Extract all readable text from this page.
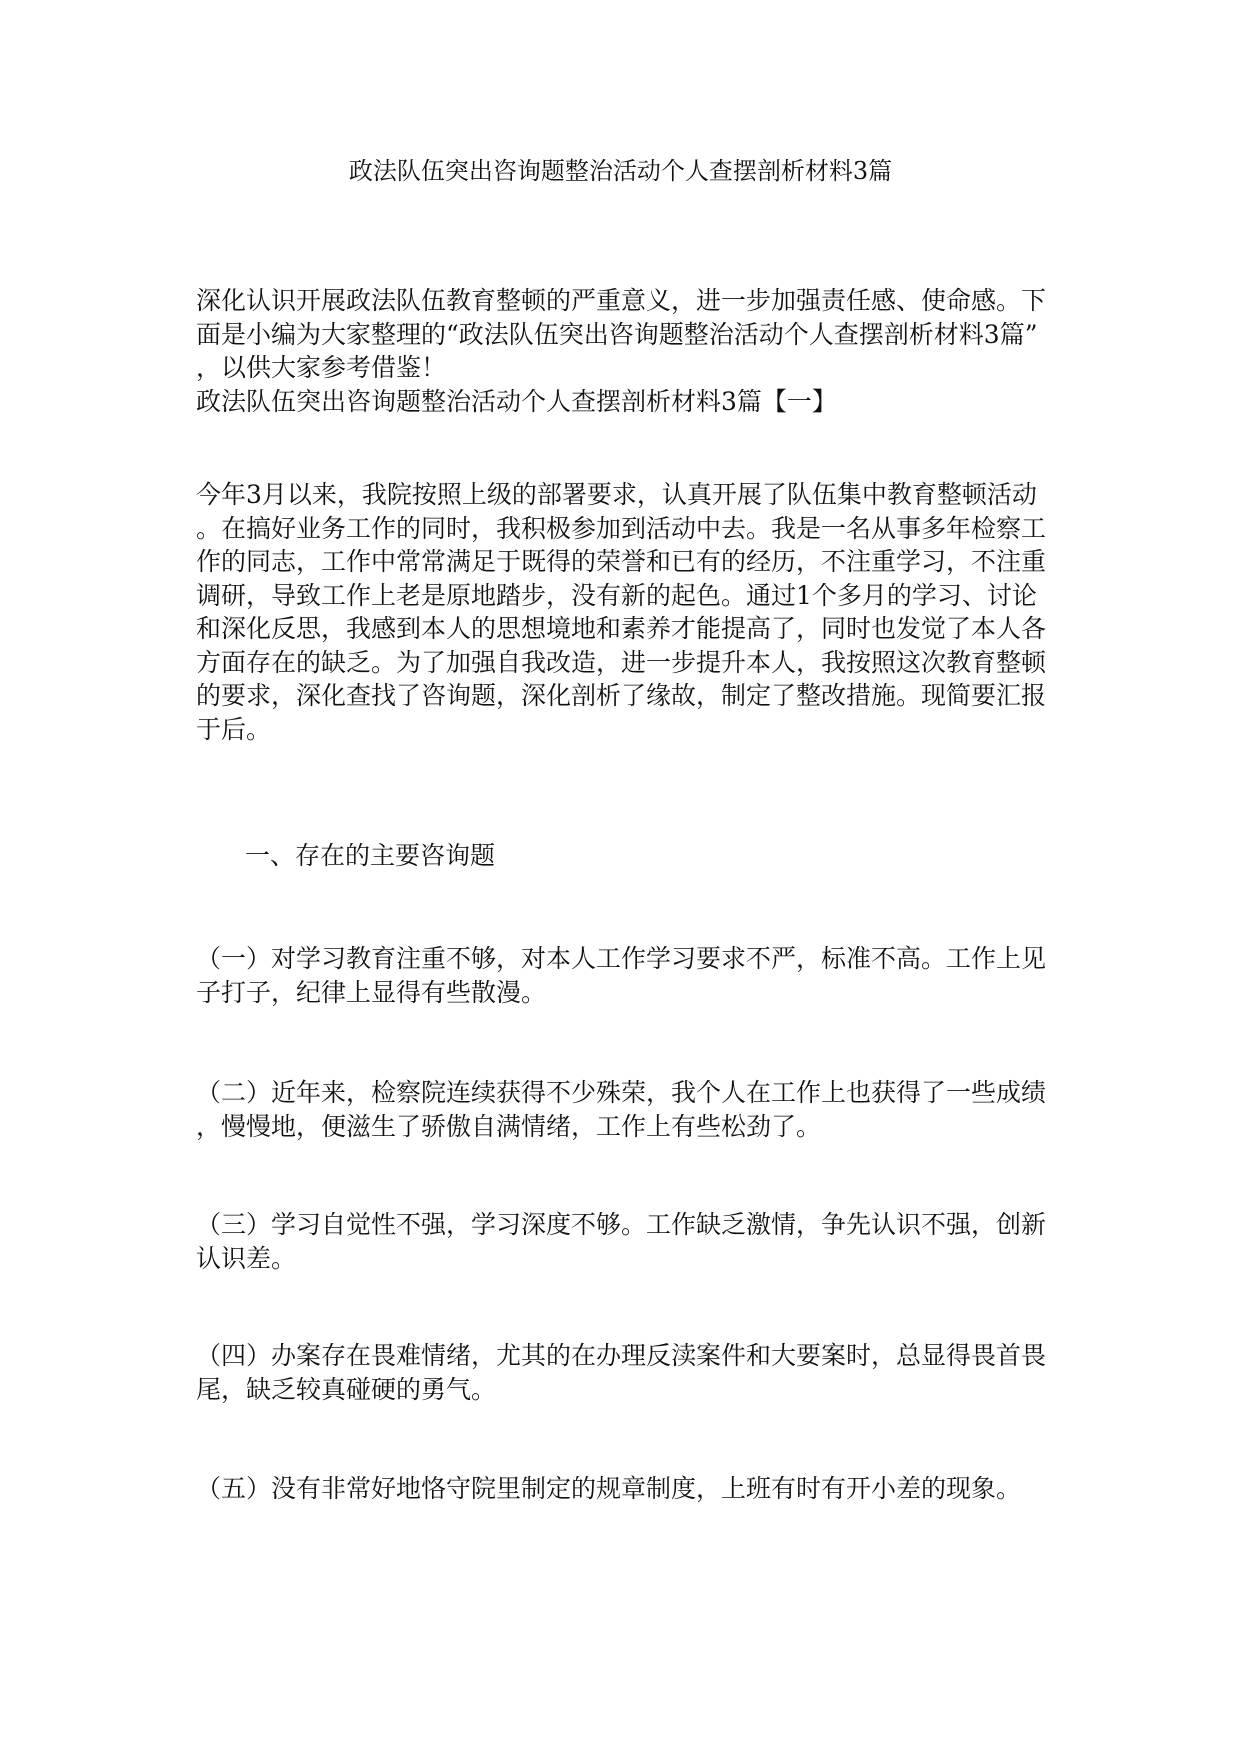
政法队伍突出咨询题整治活动个人查摆剖析材料3篇
深化认识开展政法队伍教育整顿的严重意义，进一步加强责任感、使命感。下
面是小编为大家整理的“政法队伍突出咨询题整治活动个人查摆剖析材料3篇”
，以供大家参考借鉴！
政法队伍突出咨询题整治活动个人查摆剖析材料3篇【一】
今年3月以来，我院按照上级的部署要求，认真开展了队伍集中教育整顿活动
。在搞好业务工作的同时，我积极参加到活动中去。我是一名从事多年检察工
作的同志，工作中常常满足于既得的荣誉和已有的经历，不注重学习，不注重
调研，导致工作上老是原地踏步，没有新的起色。通过1个多月的学习、讨论
和深化反思，我感到本人的思想境地和素养才能提高了，同时也发觉了本人各
方面存在的缺乏。为了加强自我改造，进一步提升本人，我按照这次教育整顿
的要求，深化查找了咨询题，深化剖析了缘故，制定了整改措施。现简要汇报
于后。
一、存在的主要咨询题
（一）对学习教育注重不够，对本人工作学习要求不严，标准不高。工作上见
子打子，纪律上显得有些散漫。
（二）近年来，检察院连续获得不少殊荣，我个人在工作上也获得了一些成绩
，慢慢地，便滋生了骄傲自满情绪，工作上有些松劲了。
（三）学习自觉性不强，学习深度不够。工作缺乏激情，争先认识不强，创新
认识差。
（四）办案存在畏难情绪，尤其的在办理反渎案件和大要案时，总显得畏首畏
尾，缺乏较真碰硬的勇气。
（五）没有非常好地恪守院里制定的规章制度，上班有时有开小差的现象。
